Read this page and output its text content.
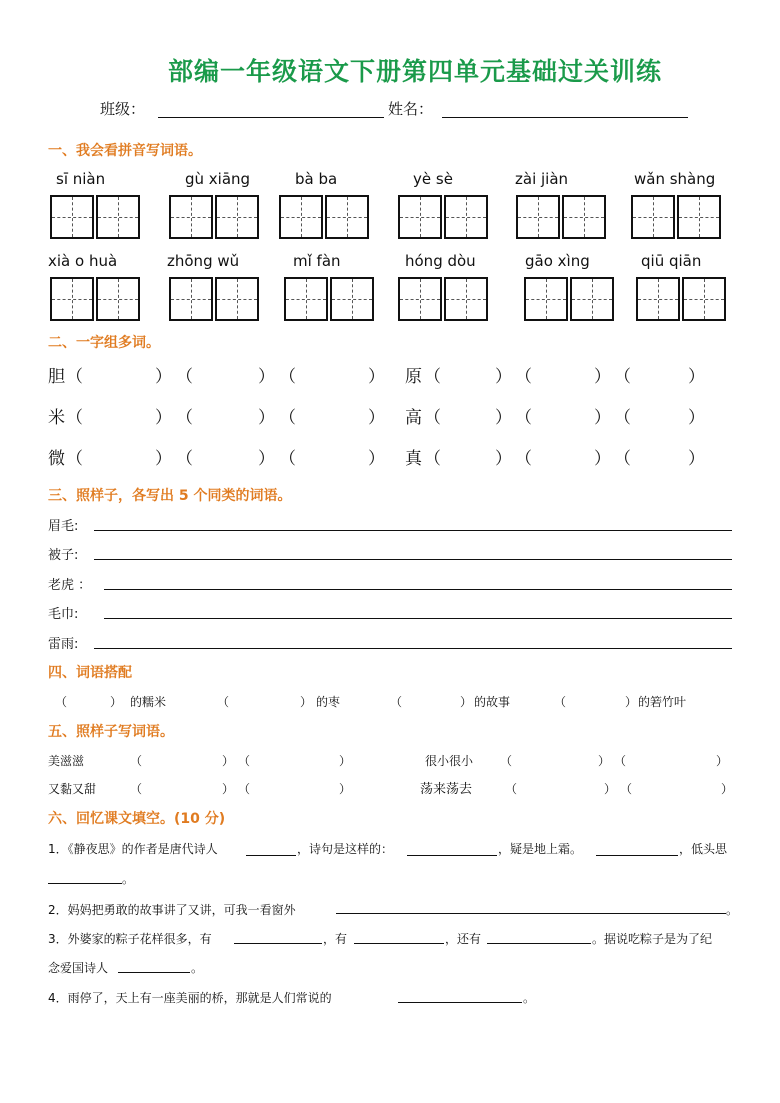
部编一年级语文下册第四单元基础过关训练
班级：	姓名：
一、我会看拼音写词语。
sī niàn	gù xiāng	bà ba	yè sè	zài jiàn	wǎn shàng
xià o huà	zhōng wǔ	mǐ fàn	hóng dòu	gāo xìng	qiū qiān
二、一字组多词。
胆 （	） （	） （	） 原 （	） （	） （	）
米 （	） （	） （	） 高 （	） （	） （	）
微 （	） （	） （	） 真 （	） （	） （	）
三、照样子，各写出 5 个同类的词语。
眉毛:
被子:
老虎 ：
毛巾:
雷雨:
四、词语搭配
（	） 的糯米	（	） 的枣	（	） 的故事	（	） 的箬竹叶
五、照样子写词语。
美滋滋	（	） （	）	很小很小 （	） （	）
又黏又甜	（	） （	）	荡来荡去	（	） （	）
六、回忆课文填空。(10 分)
1．《静夜思》的作者是唐代诗人	，诗句是这样的：	，疑是地上霜。	，低头思
。
2．妈妈把勇敢的故事讲了又讲，可我一看窗外	。
3．外婆家的粽子花样很多，有	，有	，还有	。据说吃粽子是为了纪
念爱国诗人	。
4．雨停了，天上有一座美丽的桥，那就是人们常说的	。
